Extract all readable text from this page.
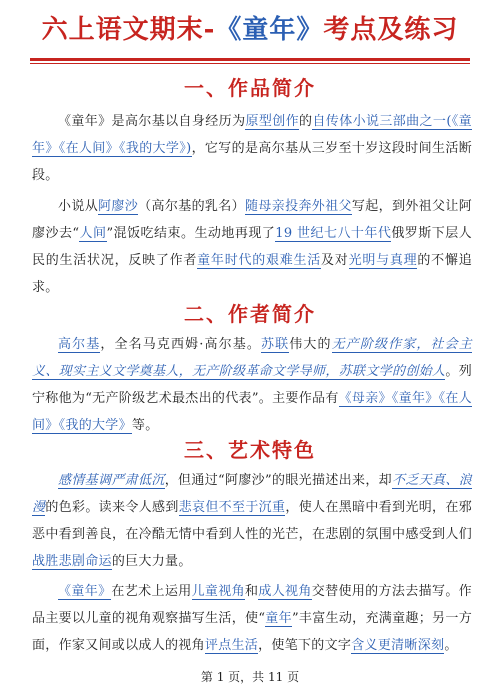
六上语文期末-《童年》考点及练习
一、作品简介
《童年》是高尔基以自身经历为原型创作的自传体小说三部曲之一(《童年》《在人间》《我的大学》)，它写的是高尔基从三岁至十岁这段时间生活断段。
小说从阿廖沙（高尔基的乳名）随母亲投奔外祖父写起，到外祖父让阿廖沙去“人间”混饭吃结束。生动地再现了19 世纪七八十年代俄罗斯下层人民的生活状况，反映了作者童年时代的艰难生活及对光明与真理的不懈追求。
二、作者简介
高尔基，全名马克西姆·高尔基。苏联伟大的无产阶级作家，社会主义、现实主义文学奠基人，无产阶级革命文学导师，苏联文学的创始人。列宁称他为“无产阶级艺术最杰出的代表”。主要作品有《母亲》《童年》《在人间》《我的大学》等。
三、艺术特色
感情基调严肃低沉，但通过“阿廖沙”的眼光描述出来，却不乏天真、浪漫的色彩。读来令人感到悲哀但不至于沉重，使人在黑暗中看到光明，在邪恶中看到善良，在冷酷无情中看到人性的光芒，在悲剧的氛围中感受到人们战胜悲剧命运的巨大力量。
《童年》在艺术上运用儿童视角和成人视角交替使用的方法去描写。作品主要以儿童的视角观察描写生活，使“童年”丰富生动，充满童趣；另一方面，作家又间或以成人的视角评点生活，使笔下的文字含义更清晰深刻。
第 1 页，共 11 页
